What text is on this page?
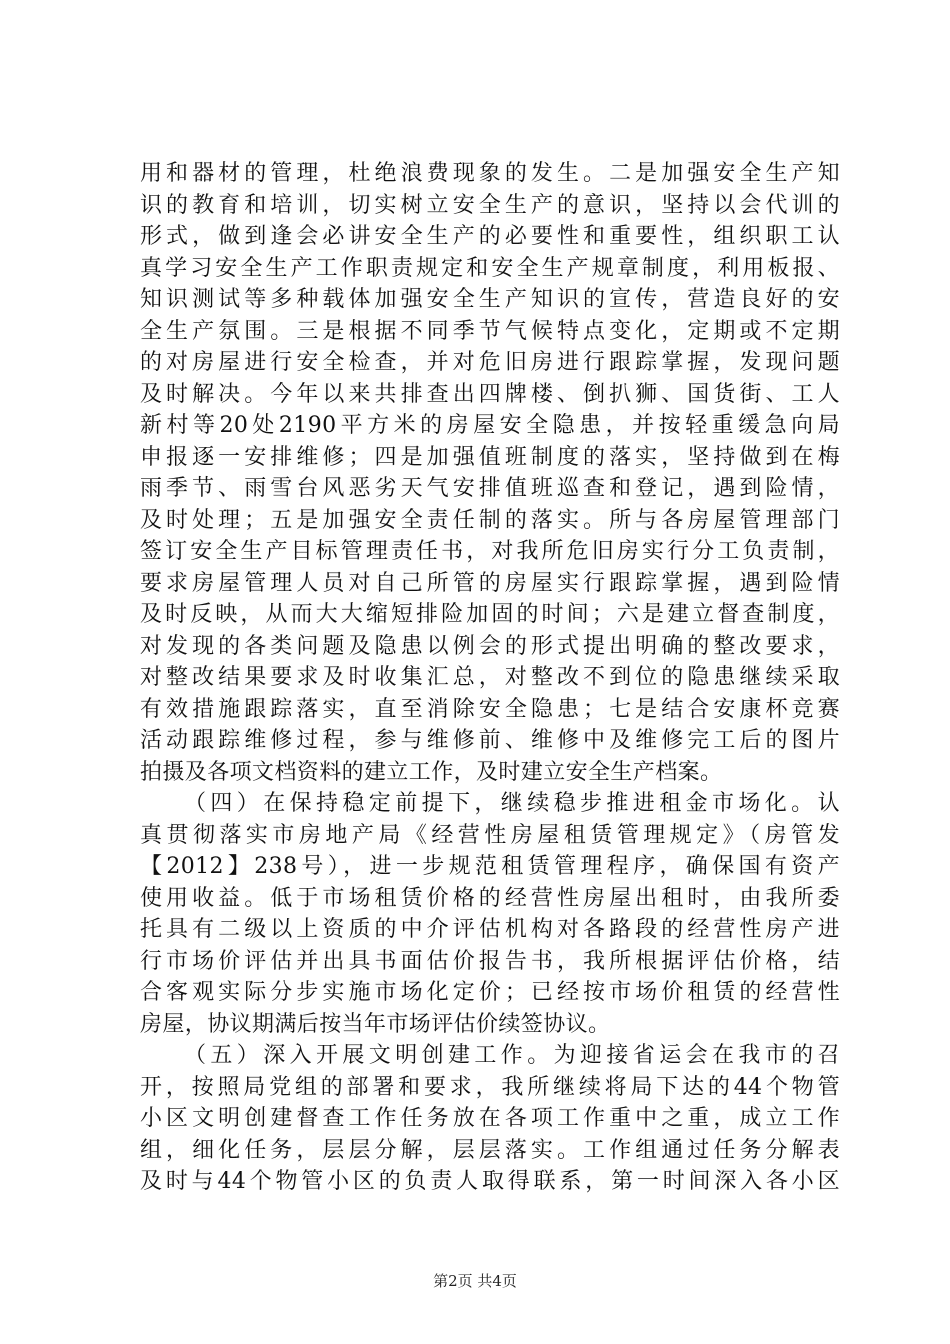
用和器材的管理，杜绝浪费现象的发生。二是加强安全生产知
识的教育和培训，切实树立安全生产的意识，坚持以会代训的
形式，做到逢会必讲安全生产的必要性和重要性，组织职工认
真学习安全生产工作职责规定和安全生产规章制度，利用板报、
知识测试等多种载体加强安全生产知识的宣传，营造良好的安
全生产氛围。三是根据不同季节气候特点变化，定期或不定期
的对房屋进行安全检查，并对危旧房进行跟踪掌握，发现问题
及时解决。今年以来共排查出四牌楼、倒扒狮、国货街、工人
新村等20处2190平方米的房屋安全隐患，并按轻重缓急向局
申报逐一安排维修；四是加强值班制度的落实，坚持做到在梅
雨季节、雨雪台风恶劣天气安排值班巡查和登记，遇到险情，
及时处理；五是加强安全责任制的落实。所与各房屋管理部门
签订安全生产目标管理责任书，对我所危旧房实行分工负责制，
要求房屋管理人员对自己所管的房屋实行跟踪掌握，遇到险情
及时反映，从而大大缩短排险加固的时间；六是建立督查制度，
对发现的各类问题及隐患以例会的形式提出明确的整改要求，
对整改结果要求及时收集汇总，对整改不到位的隐患继续采取
有效措施跟踪落实，直至消除安全隐患；七是结合安康杯竞赛
活动跟踪维修过程，参与维修前、维修中及维修完工后的图片
拍摄及各项文档资料的建立工作，及时建立安全生产档案。
（四）在保持稳定前提下，继续稳步推进租金市场化。认
真贯彻落实市房地产局《经营性房屋租赁管理规定》（房管发
【2012】238号），进一步规范租赁管理程序，确保国有资产
使用收益。低于市场租赁价格的经营性房屋出租时，由我所委
托具有二级以上资质的中介评估机构对各路段的经营性房产进
行市场价评估并出具书面估价报告书，我所根据评估价格，结
合客观实际分步实施市场化定价；已经按市场价租赁的经营性
房屋，协议期满后按当年市场评估价续签协议。
（五）深入开展文明创建工作。为迎接省运会在我市的召
开，按照局党组的部署和要求，我所继续将局下达的44个物管
小区文明创建督查工作任务放在各项工作重中之重，成立工作
组，细化任务，层层分解，层层落实。工作组通过任务分解表
及时与44个物管小区的负责人取得联系，第一时间深入各小区
第2页 共4页
